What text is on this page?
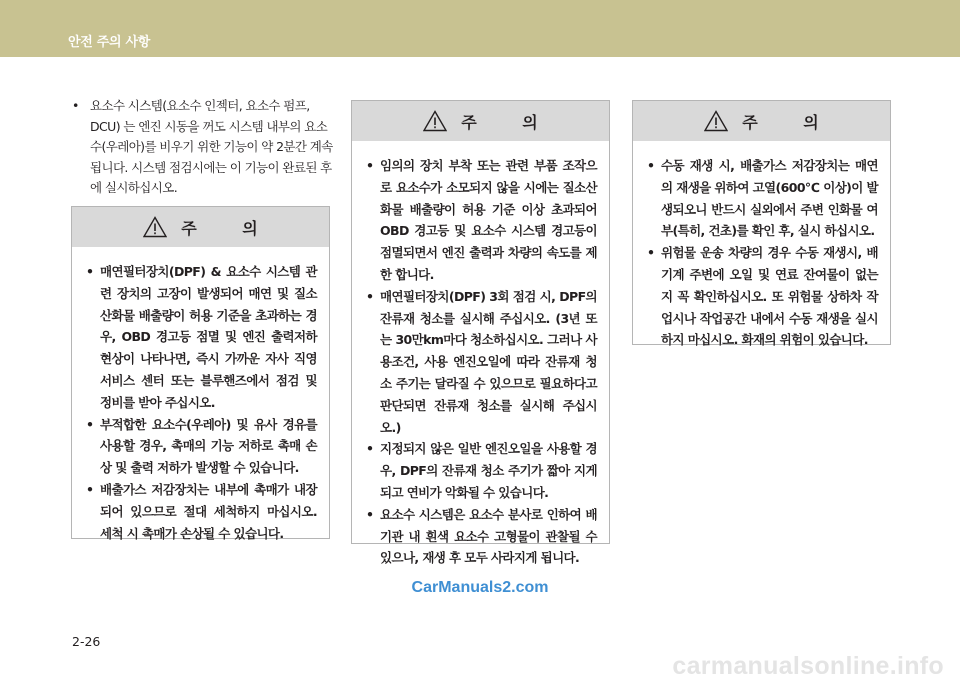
안전 주의 사항
• 요소수 시스템(요소수 인젝터, 요소수 펌프, DCU) 는 엔진 시동을 꺼도 시스템 내부의 요소수(우레아)를 비우기 위한 기능이 약 2분간 계속됩니다. 시스템 점검시에는 이 기능이 완료된 후에 실시하십시오.
주 의
• 매연필터장치(DPF) & 요소수 시스템 관련 장치의 고장이 발생되어 매연 및 질소산화물 배출량이 허용 기준을 초과하는 경우, OBD 경고등 점멸 및 엔진 출력저하 현상이 나타나면, 즉시 가까운 자사 직영 서비스 센터 또는 블루핸즈에서 점검 및 정비를 받아 주십시오.
• 부적합한 요소수(우레아) 및 유사 경유를 사용할 경우, 촉매의 기능 저하로 촉매 손상 및 출력 저하가 발생할 수 있습니다.
• 배출가스 저감장치는 내부에 촉매가 내장되어 있으므로 절대 세척하지 마십시오. 세척 시 촉매가 손상될 수 있습니다.
주 의
• 임의의 장치 부착 또는 관련 부품 조작으로 요소수가 소모되지 않을 시에는 질소산화물 배출량이 허용 기준 이상 초과되어 OBD 경고등 및 요소수 시스템 경고등이 점멸되면서 엔진 출력과 차량의 속도를 제한 합니다.
• 매연필터장치(DPF) 3회 점검 시, DPF의 잔류재 청소를 실시해 주십시오. (3년 또는 30만km마다 청소하십시오. 그러나 사용조건, 사용 엔진오일에 따라 잔류재 청소 주기는 달라질 수 있으므로 필요하다고 판단되면 잔류재 청소를 실시해 주십시오.)
• 지정되지 않은 일반 엔진오일을 사용할 경우, DPF의 잔류재 청소 주기가 짧아 지게 되고 연비가 악화될 수 있습니다.
• 요소수 시스템은 요소수 분사로 인하여 배기관 내 흰색 요소수 고형물이 관찰될 수 있으나, 재생 후 모두 사라지게 됩니다.
주 의
• 수동 재생 시, 배출가스 저감장치는 매연의 재생을 위하여 고열(600℃ 이상)이 발생되오니 반드시 실외에서 주변 인화물 여부(특히, 건초)를 확인 후, 실시 하십시오.
• 위험물 운송 차량의 경우 수동 재생시, 배기계 주변에 오일 및 연료 잔여물이 없는지 꼭 확인하십시오. 또 위험물 상하차 작업시나 작업공간 내에서 수동 재생을 실시하지 마십시오. 화재의 위험이 있습니다.
CarManuals2.com
2-26
carmanualsonline.info
